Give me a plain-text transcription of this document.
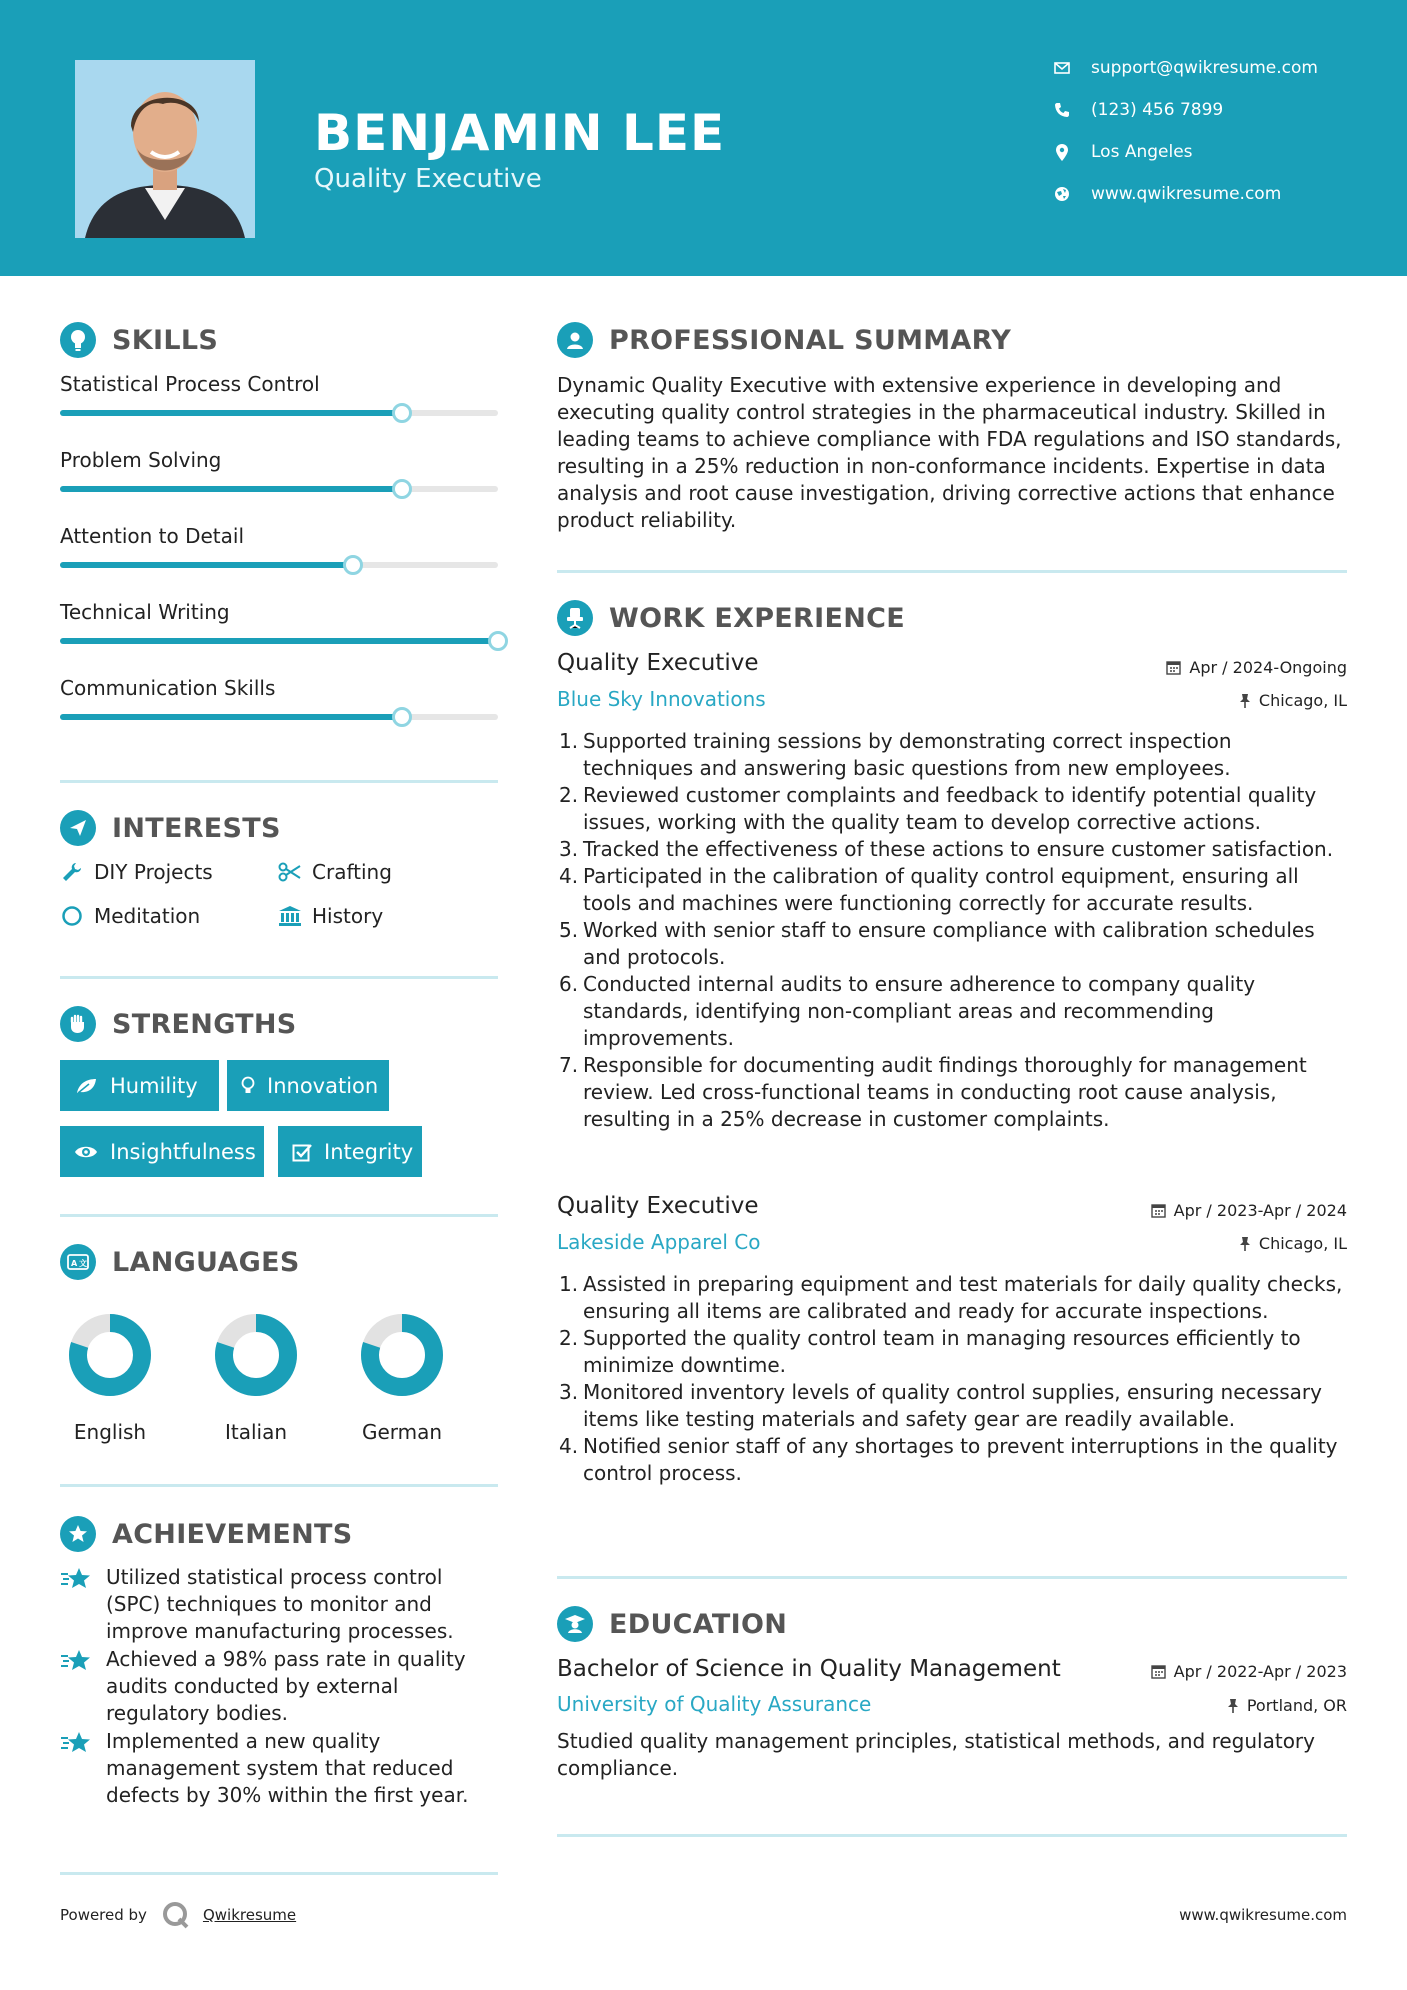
BENJAMIN LEE
Quality Executive
support@qwikresume.com
(123) 456 7899
Los Angeles
www.qwikresume.com
SKILLS
Statistical Process Control
Problem Solving
Attention to Detail
Technical Writing
Communication Skills
INTERESTS
DIY Projects	Crafting
Meditation	History
STRENGTHS
Humility	Innovation
Insightfulness	Integrity
A 文 LANGUAGES
English	Italian	German
ACHIEVEMENTS
Utilized statistical process control (SPC) techniques to monitor and improve manufacturing processes.
Achieved a 98% pass rate in quality audits conducted by external regulatory bodies.
Implemented a new quality management system that reduced defects by 30% within the first year.
PROFESSIONAL SUMMARY
Dynamic Quality Executive with extensive experience in developing and executing quality control strategies in the pharmaceutical industry. Skilled in leading teams to achieve compliance with FDA regulations and ISO standards, resulting in a 25% reduction in non-conformance incidents. Expertise in data analysis and root cause investigation, driving corrective actions that enhance product reliability.
WORK EXPERIENCE
Quality Executive	Apr / 2024-Ongoing
Blue Sky Innovations	Chicago, IL
1. Supported training sessions by demonstrating correct inspection techniques and answering basic questions from new employees.
2. Reviewed customer complaints and feedback to identify potential quality issues, working with the quality team to develop corrective actions.
3. Tracked the effectiveness of these actions to ensure customer satisfaction.
4. Participated in the calibration of quality control equipment, ensuring all tools and machines were functioning correctly for accurate results.
5. Worked with senior staff to ensure compliance with calibration schedules and protocols.
6. Conducted internal audits to ensure adherence to company quality standards, identifying non-compliant areas and recommending improvements.
7. Responsible for documenting audit findings thoroughly for management review. Led cross-functional teams in conducting root cause analysis, resulting in a 25% decrease in customer complaints.
Quality Executive	Apr / 2023-Apr / 2024
Lakeside Apparel Co	Chicago, IL
1. Assisted in preparing equipment and test materials for daily quality checks, ensuring all items are calibrated and ready for accurate inspections.
2. Supported the quality control team in managing resources efficiently to minimize downtime.
3. Monitored inventory levels of quality control supplies, ensuring necessary items like testing materials and safety gear are readily available.
4. Notified senior staff of any shortages to prevent interruptions in the quality control process.
EDUCATION
Bachelor of Science in Quality Management	Apr / 2022-Apr / 2023
University of Quality Assurance	Portland, OR
Studied quality management principles, statistical methods, and regulatory compliance.
Powered by	Qwikresume	www.qwikresume.com
